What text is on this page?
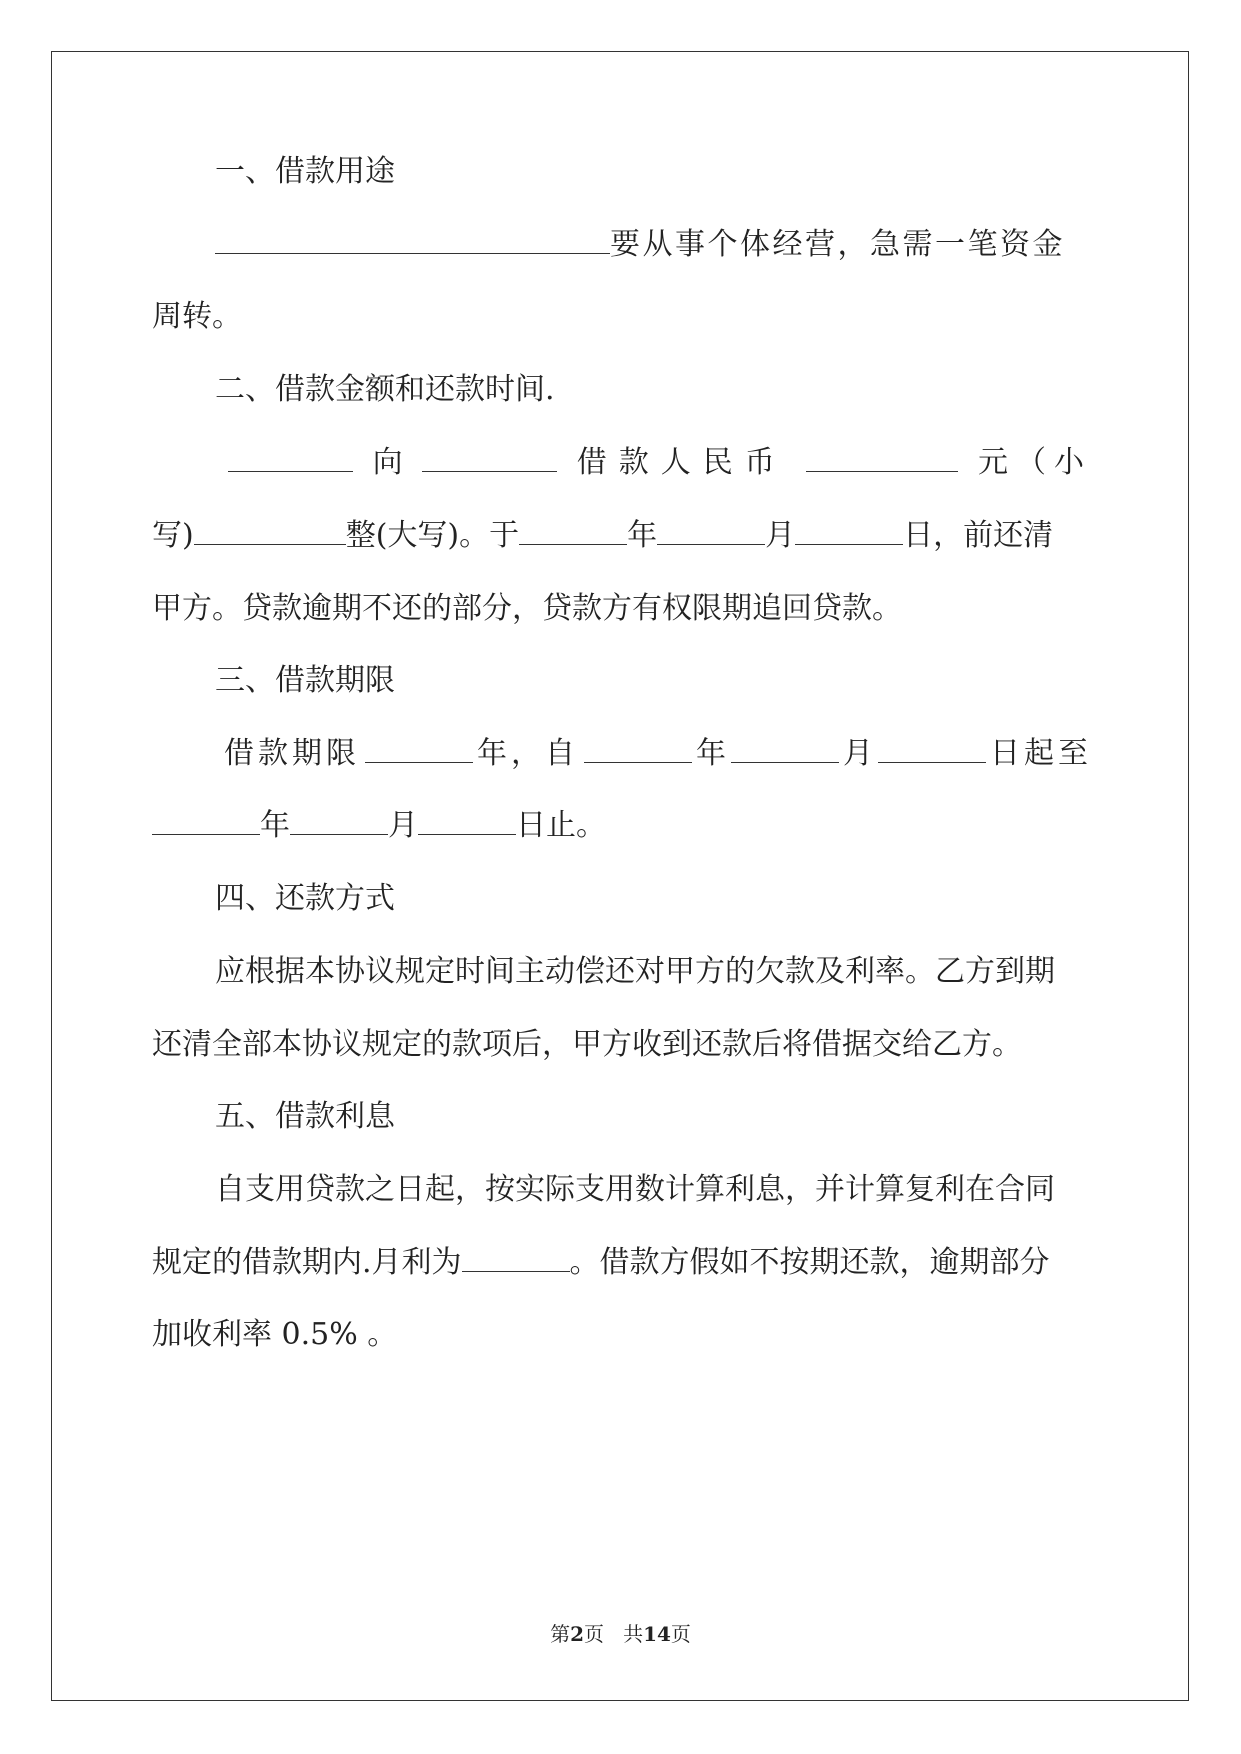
一、借款用途
要从事个体经营，急需一笔资金
周转。
二、借款金额和还款时间.
向	借款人民币	元（小
写)	整(大写)。于	年	月	日，前还清
甲方。贷款逾期不还的部分，贷款方有权限期追回贷款。
三、借款期限
借款期限	年，自	年	月	日起至
年	月	日止。
四、还款方式
应根据本协议规定时间主动偿还对甲方的欠款及利率。乙方到期
还清全部本协议规定的款项后，甲方收到还款后将借据交给乙方。
五、借款利息
自支用贷款之日起，按实际支用数计算利息，并计算复利在合同
规定的借款期内.月利为	。借款方假如不按期还款，逾期部分
加收利率 0.5% 。
第2页 共14页
